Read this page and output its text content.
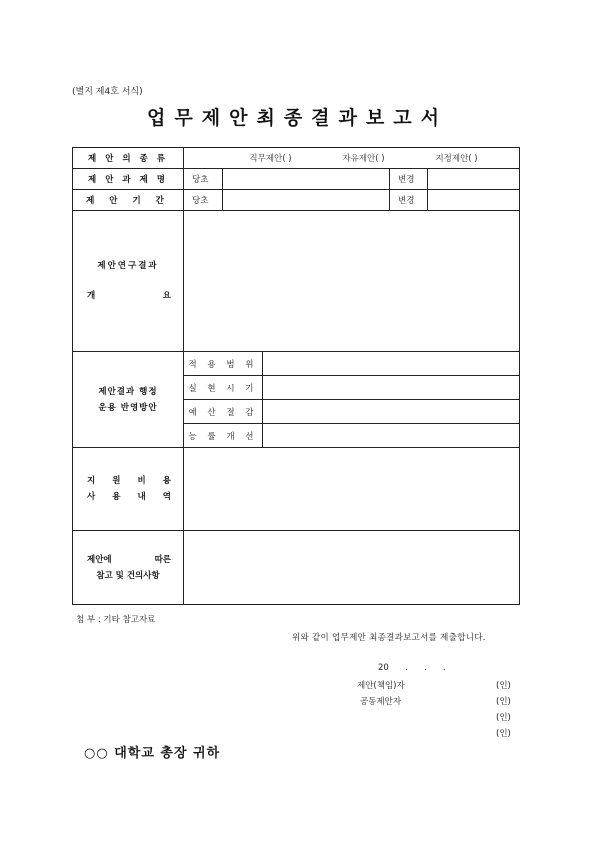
(별지 제4호 서식)
업무제안최종결과보고서
제 안 의 종 류	직무제안( ) 자유제안( ) 지정제안( )				

제 안 과 제 명	당초			변경	
제 안 기 간	당초			변경	

제안연구결과
개 요					

제안결과 행정
운용 반영방안	적 용 범 위				
	실 현 시 기				
	예 산 절 감				
	능 률 개 선				

지 원 비 용
사 용 내 역					

제안에 따른
참고 및 건의사항					

첨 부 : 기타 참고자료
위와 같이 업무제안 최종결과보고서를 제출합니다.
20      .      .      .
제안(책임)자	(인)
공동제안자	(인)
(인)
(인)
○○ 대학교 총장 귀하
